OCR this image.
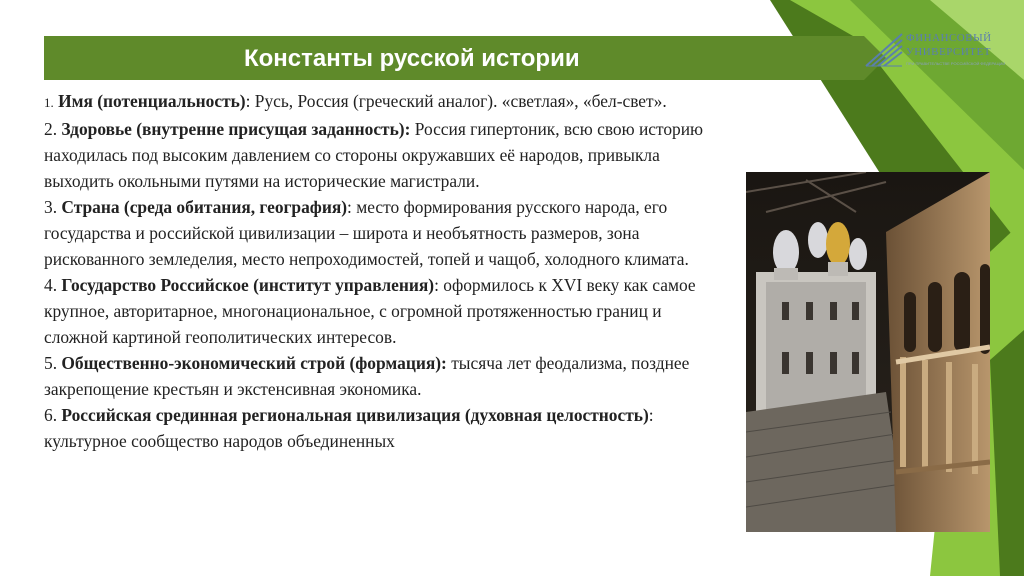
Константы русской истории
ФИНАНСОВЫЙ
УНИВЕРСИТЕТ
ПРИ ПРАВИТЕЛЬСТВЕ РОССИЙСКОЙ ФЕДЕРАЦИИ

1. Имя (потенциальность): Русь, Россия (греческий аналог). «светлая», «бел-свет».

2. Здоровье (внутренне присущая заданность): Россия гипертоник, всю свою историю находилась под высоким давлением со стороны окружавших её народов, привыкла выходить окольными путями на исторические магистрали.

3. Страна (среда обитания, география): место формирования русского народа, его государства и российской цивилизации – широта и необъятность размеров, зона рискованного земледелия, место непроходимостей, топей и чащоб, холодного климата.

4. Государство Российское (институт управления): оформилось к XVI веку как самое крупное, авторитарное, многонациональное, с огромной протяженностью границ и сложной картиной геополитических интересов.

5. Общественно-экономический строй (формация): тысяча лет феодализма, позднее закрепощение крестьян и экстенсивная экономика.

6. Российская срединная региональная цивилизация (духовная целостность): культурное сообщество народов объединенных
